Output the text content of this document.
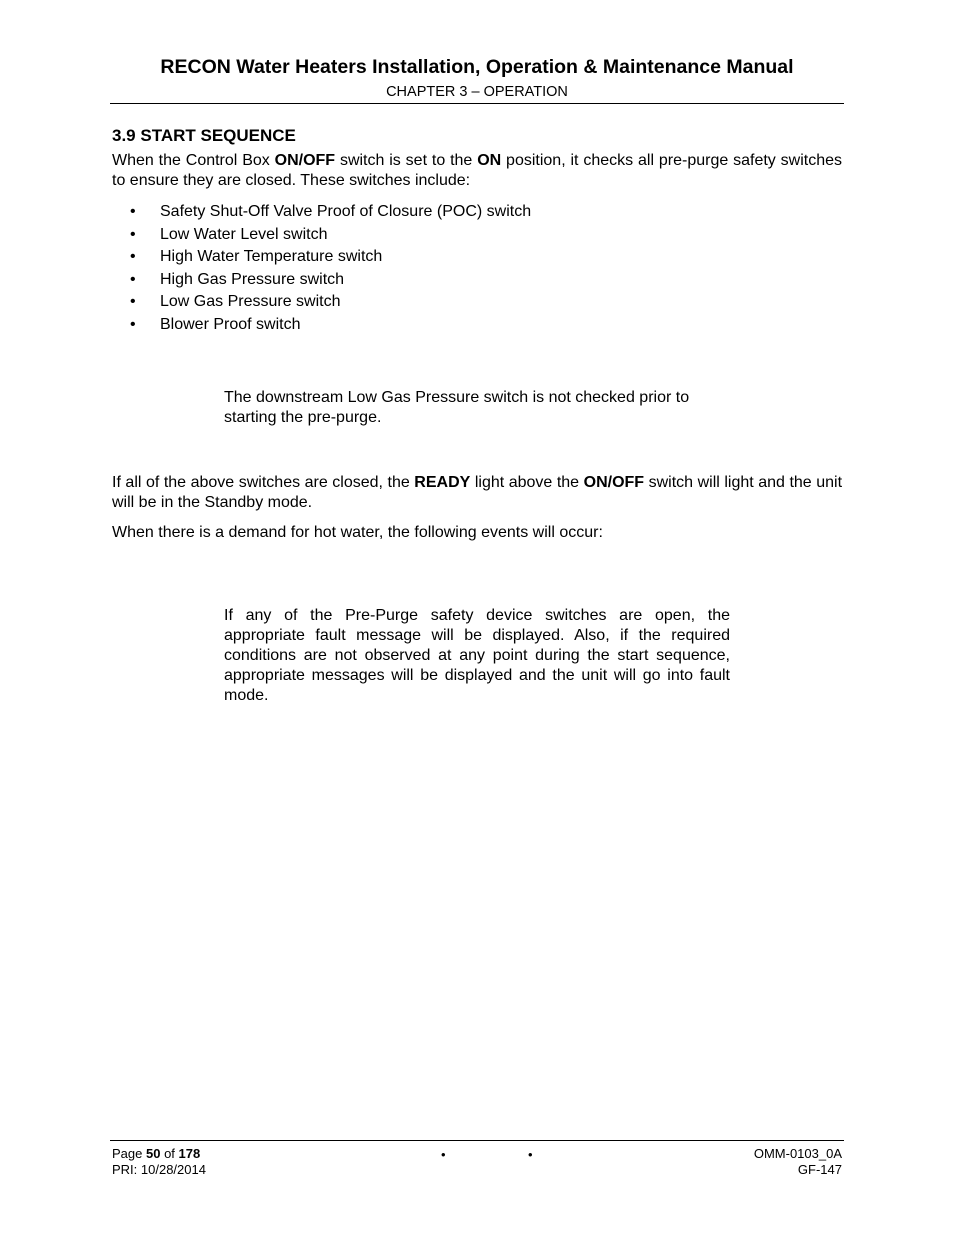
RECON Water Heaters Installation, Operation & Maintenance Manual
CHAPTER 3 – OPERATION
3.9 START SEQUENCE
When the Control Box ON/OFF switch is set to the ON position, it checks all pre-purge safety switches to ensure they are closed. These switches include:
• Safety Shut-Off Valve Proof of Closure (POC) switch
• Low Water Level switch
• High Water Temperature switch
• High Gas Pressure switch
• Low Gas Pressure switch
• Blower Proof switch
The downstream Low Gas Pressure switch is not checked prior to starting the pre-purge.
If all of the above switches are closed, the READY light above the ON/OFF switch will light and the unit will be in the Standby mode.
When there is a demand for hot water, the following events will occur:
If any of the Pre-Purge safety device switches are open, the appropriate fault message will be displayed. Also, if the required conditions are not observed at any point during the start sequence, appropriate messages will be displayed and the unit will go into fault mode.
Page 50 of 178
PRI: 10/28/2014
•	•	OMM-0103_0A
GF-147
